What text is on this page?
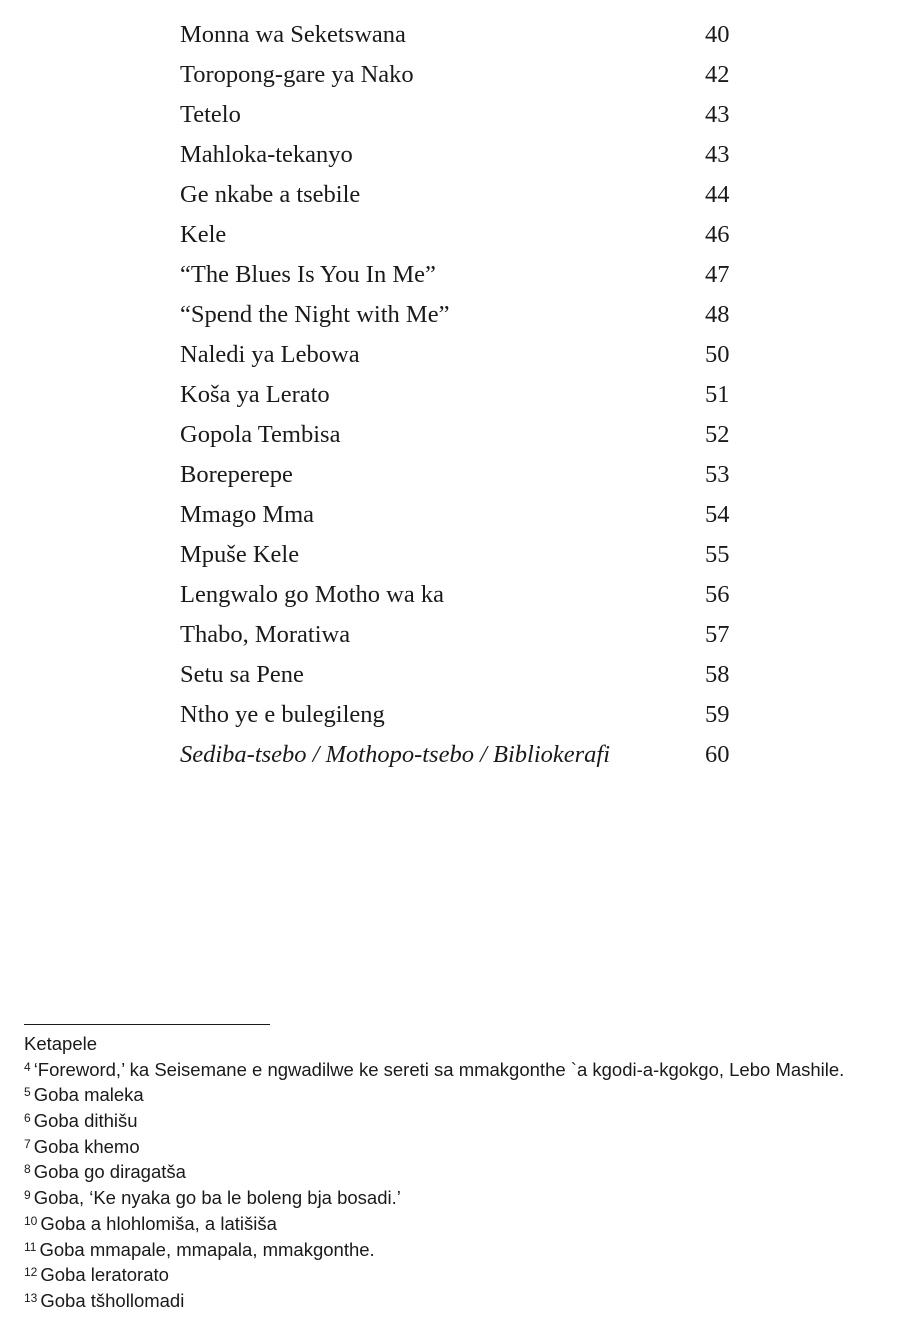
Monna wa Seketswana	40
Toropong-gare ya Nako	42
Tetelo	43
Mahloka-tekanyo	43
Ge nkabe a tsebile	44
Kele	46
“The Blues Is You In Me”	47
“Spend the Night with Me”	48
Naledi ya Lebowa	50
Koša ya Lerato	51
Gopola Tembisa	52
Boreperepe	53
Mmago Mma	54
Mpuše Kele	55
Lengwalo go Motho wa ka	56
Thabo, Moratiwa	57
Setu sa Pene	58
Ntho ye e bulegileng	59
Sediba-tsebo / Mothopo-tsebo / Bibliokerafi	60
Ketapele
$^4$ ‘Foreword,’ ka Seisemane e ngwadilwe ke sereti sa mmakgonthe `a kgodi-a-kgokgo, Lebo Mashile.
$^5$ Goba maleka
$^6$ Goba dithišu
$^7$ Goba khemo
$^8$ Goba go diragatša
$^9$ Goba, ‘Ke nyaka go ba le boleng bja bosadi.’
$^{10}$ Goba a hlohlomiša, a latišiša
$^{11}$ Goba mmapale, mmapala, mmakgonthe.
$^{12}$ Goba leratorato
$^{13}$ Goba tšhollomadi
